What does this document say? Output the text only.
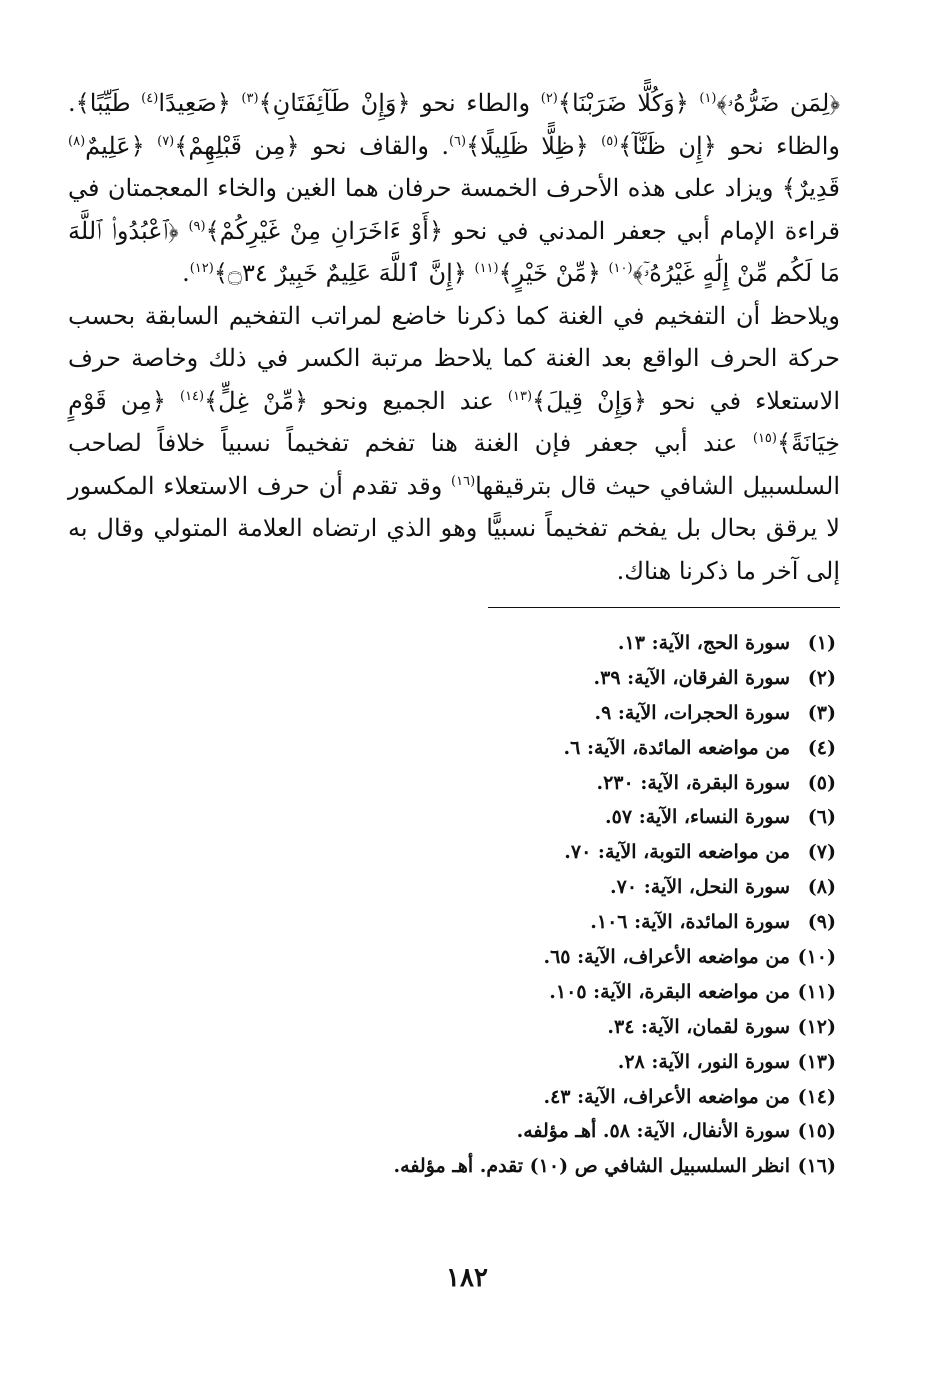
﴿لِمَن ضَرُّهُۥ﴾$^{(١)}$ ﴿وَكُلًّا ضَرَبْنَا﴾$^{(٢)}$ والطاء نحو ﴿وَإِنْ طَآئِفَتَانِ﴾$^{(٣)}$ ﴿صَعِيدًا$^{(٤)}$ طَيِّبًا﴾. والظاء نحو ﴿إِن ظَنَّآ﴾$^{(٥)}$ ﴿ظِلًّا ظَلِيلًا﴾$^{(٦)}$. والقاف نحو ﴿مِن قَبْلِهِمْ﴾$^{(٧)}$ ﴿عَلِيمٌ$^{(٨)}$ قَدِيرٌ﴾ ويزاد على هذه الأحرف الخمسة حرفان هما الغين والخاء المعجمتان في قراءة الإمام أبي جعفر المدني في نحو ﴿أَوْ ءَاخَرَانِ مِنْ غَيْرِكُمْ﴾$^{(٩)}$ ﴿ٱعْبُدُوا۟ ٱللَّهَ مَا لَكُم مِّنْ إِلَٰهٍ غَيْرُهُۥٓ﴾$^{(١٠)}$ ﴿مِّنْ خَيْرٍ﴾$^{(١١)}$ ﴿إِنَّ ٱللَّهَ عَلِيمٌ خَبِيرٌ ۝٣٤﴾$^{(١٢)}$.

ويلاحظ أن التفخيم في الغنة كما ذكرنا خاضع لمراتب التفخيم السابقة بحسب حركة الحرف الواقع بعد الغنة كما يلاحظ مرتبة الكسر في ذلك وخاصة حرف الاستعلاء في نحو ﴿وَإِنْ قِيلَ﴾$^{(١٣)}$ عند الجميع ونحو ﴿مِّنْ غِلٍّ﴾$^{(١٤)}$ ﴿مِن قَوْمٍ خِيَانَةً﴾$^{(١٥)}$ عند أبي جعفر فإن الغنة هنا تفخم تفخيماً نسبياً خلافاً لصاحب السلسبيل الشافي حيث قال بترقيقها$^{(١٦)}$ وقد تقدم أن حرف الاستعلاء المكسور لا يرقق بحال بل يفخم تفخيماً نسبيًّا وهو الذي ارتضاه العلامة المتولي وقال به إلى آخر ما ذكرنا هناك.

(١)سورة الحج، الآية: ١٣.
(٢)سورة الفرقان، الآية: ٣٩.
(٣)سورة الحجرات، الآية: ٩.
(٤)من مواضعه المائدة، الآية: ٦.
(٥)سورة البقرة، الآية: ٢٣٠.
(٦)سورة النساء، الآية: ٥٧.
(٧)من مواضعه التوبة، الآية: ٧٠.
(٨)سورة النحل، الآية: ٧٠.
(٩)سورة المائدة، الآية: ١٠٦.
(١٠)من مواضعه الأعراف، الآية: ٦٥.
(١١)من مواضعه البقرة، الآية: ١٠٥.
(١٢)سورة لقمان، الآية: ٣٤.
(١٣)سورة النور، الآية: ٢٨.
(١٤)من مواضعه الأعراف، الآية: ٤٣.
(١٥)سورة الأنفال، الآية: ٥٨. أهـ مؤلفه.
(١٦)انظر السلسبيل الشافي ص (١٠) تقدم. أهـ مؤلفه.
١٨٢
